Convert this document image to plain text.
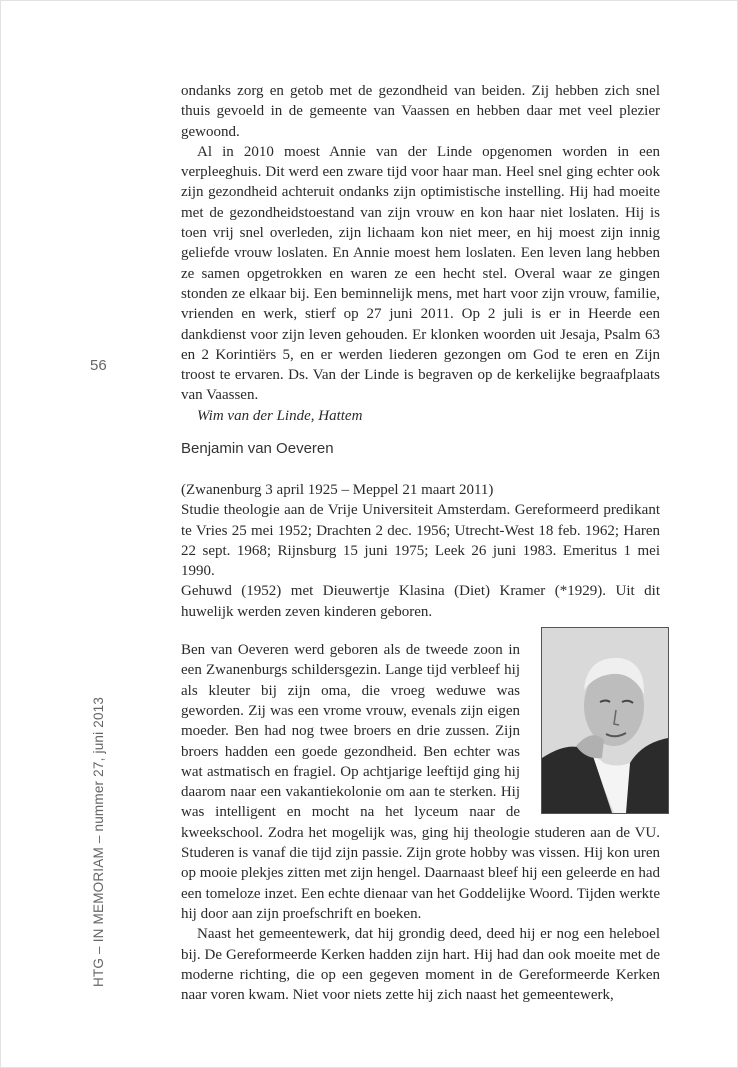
56
HTG – IN MEMORIAM – nummer 27, juni 2013

ondanks zorg en getob met de gezondheid van beiden. Zij hebben zich snel thuis gevoeld in de gemeente van Vaassen en hebben daar met veel plezier gewoond.

Al in 2010 moest Annie van der Linde opgenomen worden in een verpleeghuis. Dit werd een zware tijd voor haar man. Heel snel ging echter ook zijn gezondheid achteruit ondanks zijn optimistische instelling. Hij had moeite met de gezondheidstoestand van zijn vrouw en kon haar niet loslaten. Hij is toen vrij snel overleden, zijn lichaam kon niet meer, en hij moest zijn innig geliefde vrouw loslaten. En Annie moest hem loslaten. Een leven lang hebben ze samen opgetrokken en waren ze een hecht stel. Overal waar ze gingen stonden ze elkaar bij. Een beminnelijk mens, met hart voor zijn vrouw, familie, vrienden en werk, stierf op 27 juni 2011. Op 2 juli is er in Heerde een dankdienst voor zijn leven gehouden. Er klonken woorden uit Jesaja, Psalm 63 en 2 Korintiërs 5, en er werden liederen gezongen om God te eren en Zijn troost te ervaren. Ds. Van der Linde is begraven op de kerkelijke begraafplaats van Vaassen.

Wim van der Linde, Hattem

Benjamin van Oeveren

(Zwanenburg 3 april 1925 – Meppel 21 maart 2011)

Studie theologie aan de Vrije Universiteit Amsterdam. Gereformeerd predikant te Vries 25 mei 1952; Drachten 2 dec. 1956; Utrecht-West 18 feb. 1962; Haren 22 sept. 1968; Rijnsburg 15 juni 1975; Leek 26 juni 1983. Emeritus 1 mei 1990.

Gehuwd (1952) met Dieuwertje Klasina (Diet) Kramer (*1929). Uit dit huwelijk werden zeven kinderen geboren.

Ben van Oeveren werd geboren als de tweede zoon in een Zwanenburgs schildersgezin. Lange tijd verbleef hij als kleuter bij zijn oma, die vroeg weduwe was geworden. Zij was een vrome vrouw, evenals zijn eigen moeder. Ben had nog twee broers en drie zussen. Zijn broers hadden een goede gezondheid. Ben echter was wat astmatisch en fragiel. Op achtjarige leeftijd ging hij daarom naar een vakantiekolonie om aan te sterken. Hij was intelligent en mocht na het lyceum naar de kweekschool. Zodra het mogelijk was, ging hij theologie studeren aan de VU. Studeren is vanaf die tijd zijn passie. Zijn grote hobby was vissen. Hij kon uren op mooie plekjes zitten met zijn hengel. Daarnaast bleef hij een geleerde en had een tomeloze inzet. Een echte dienaar van het Goddelijke Woord. Tijden werkte hij door aan zijn proefschrift en boeken.

Naast het gemeentewerk, dat hij grondig deed, deed hij er nog een heleboel bij. De Gereformeerde Kerken hadden zijn hart. Hij had dan ook moeite met de moderne richting, die op een gegeven moment in de Gereformeerde Kerken naar voren kwam. Niet voor niets zette hij zich naast het gemeentewerk,
